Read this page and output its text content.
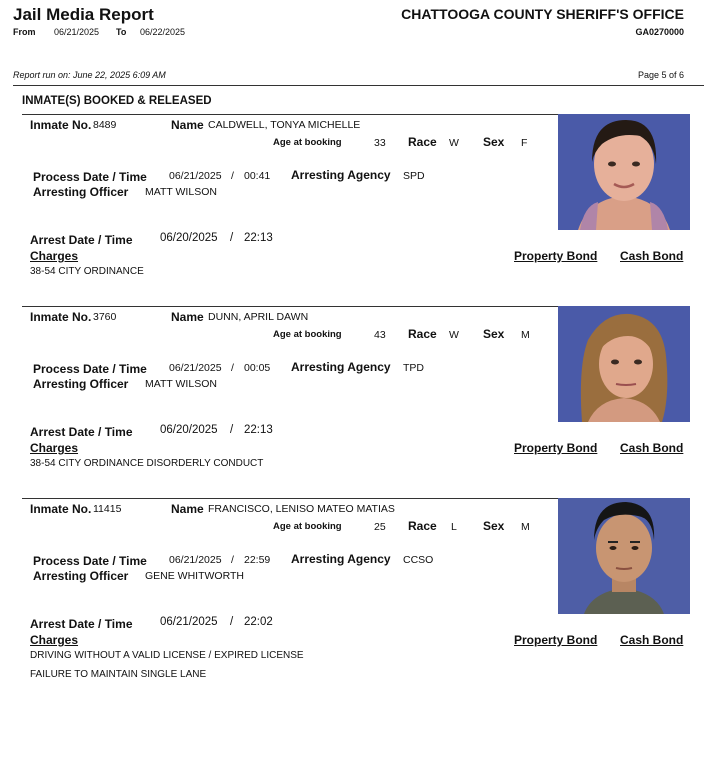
Jail Media Report	CHATTOOGA COUNTY SHERIFF'S OFFICE
From 06/21/2025 To 06/22/2025	GA0270000
Report run on: June 22, 2025 6:09 AM	Page 5 of 6
INMATE(S) BOOKED & RELEASED
Inmate No. 8489	Name CALDWELL, TONYA MICHELLE
Age at booking	33 Race W Sex F
Process Date / Time 06/21/2025 / 00:41 Arresting Agency SPD
Arresting Officer MATT WILSON
Arrest Date / Time 06/20/2025 / 22:13
Charges	Property Bond Cash Bond
38-54 CITY ORDINANCE
Inmate No. 3760	Name DUNN, APRIL DAWN
Age at booking	43 Race W Sex M
Process Date / Time 06/21/2025 / 00:05 Arresting Agency TPD
Arresting Officer MATT WILSON
Arrest Date / Time 06/20/2025 / 22:13
Charges	Property Bond Cash Bond
38-54 CITY ORDINANCE DISORDERLY CONDUCT
Inmate No. 11415	Name FRANCISCO, LENISO MATEO MATIAS
Age at booking	25 Race L Sex M
Process Date / Time 06/21/2025 / 22:59 Arresting Agency CCSO
Arresting Officer GENE WHITWORTH
Arrest Date / Time 06/21/2025 / 22:02
Charges	Property Bond Cash Bond
DRIVING WITHOUT A VALID LICENSE / EXPIRED LICENSE
FAILURE TO MAINTAIN SINGLE LANE
